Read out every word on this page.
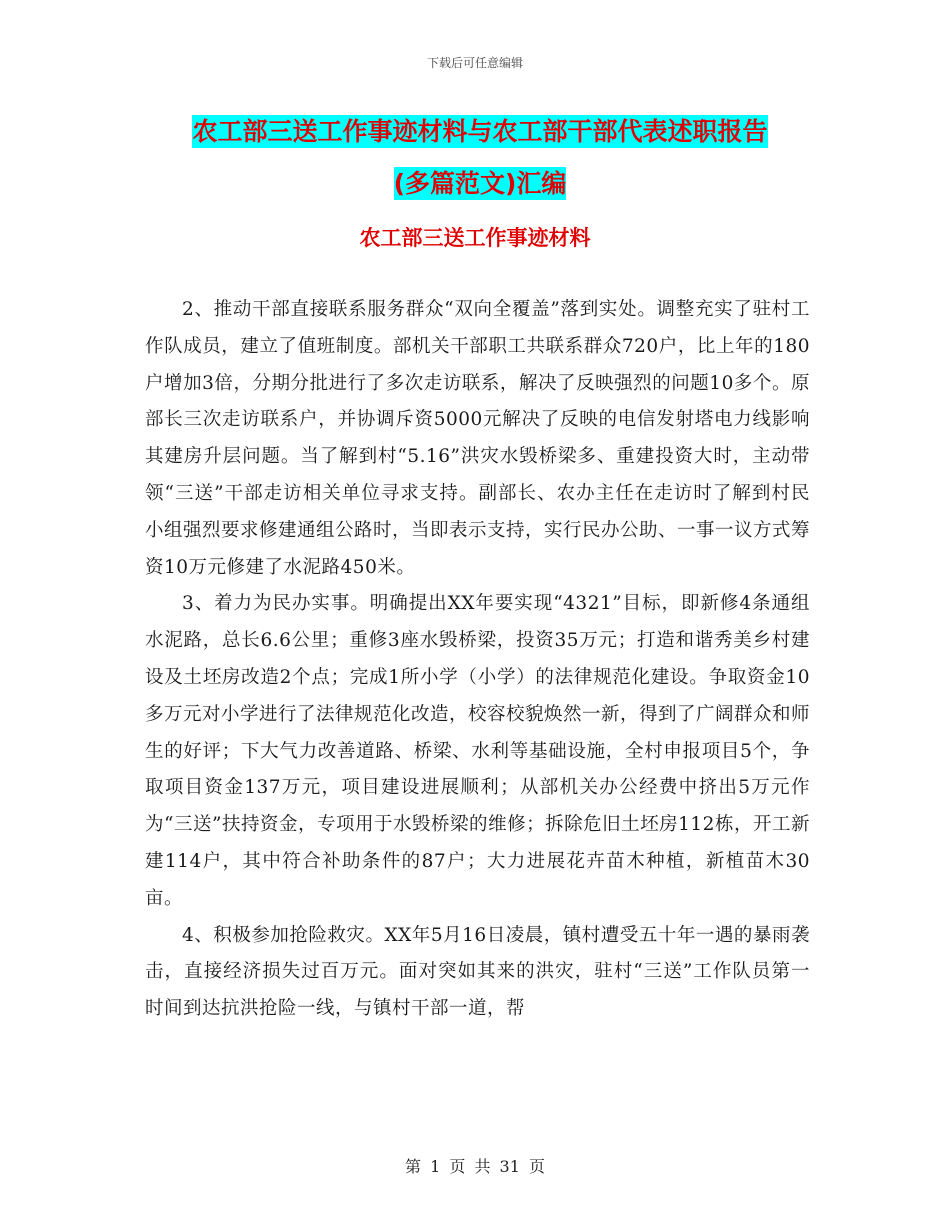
下载后可任意编辑
农工部三送工作事迹材料与农工部干部代表述职报告
(多篇范文)汇编
农工部三送工作事迹材料

2、推动干部直接联系服务群众“双向全覆盖”落到实处。调整充实了驻村工作队成员，建立了值班制度。部机关干部职工共联系群众720户，比上年的180户增加3倍，分期分批进行了多次走访联系，解决了反映强烈的问题10多个。原部长三次走访联系户，并协调斥资5000元解决了反映的电信发射塔电力线影响其建房升层问题。当了解到村“5.16”洪灾水毁桥梁多、重建投资大时，主动带领“三送”干部走访相关单位寻求支持。副部长、农办主任在走访时了解到村民小组强烈要求修建通组公路时，当即表示支持，实行民办公助、一事一议方式筹资10万元修建了水泥路450米。

3、着力为民办实事。明确提出XX年要实现“4321”目标，即新修4条通组水泥路，总长6.6公里；重修3座水毁桥梁，投资35万元；打造和谐秀美乡村建设及土坯房改造2个点；完成1所小学（小学）的法律规范化建设。争取资金10多万元对小学进行了法律规范化改造，校容校貌焕然一新，得到了广阔群众和师生的好评；下大气力改善道路、桥梁、水利等基础设施，全村申报项目5个，争取项目资金137万元，项目建设进展顺利；从部机关办公经费中挤出5万元作为“三送”扶持资金，专项用于水毁桥梁的维修；拆除危旧土坯房112栋，开工新建114户，其中符合补助条件的87户；大力进展花卉苗木种植，新植苗木30亩。

4、积极参加抢险救灾。XX年5月16日凌晨，镇村遭受五十年一遇的暴雨袭击，直接经济损失过百万元。面对突如其来的洪灾，驻村“三送”工作队员第一时间到达抗洪抢险一线，与镇村干部一道，帮

第 1 页 共 31 页
